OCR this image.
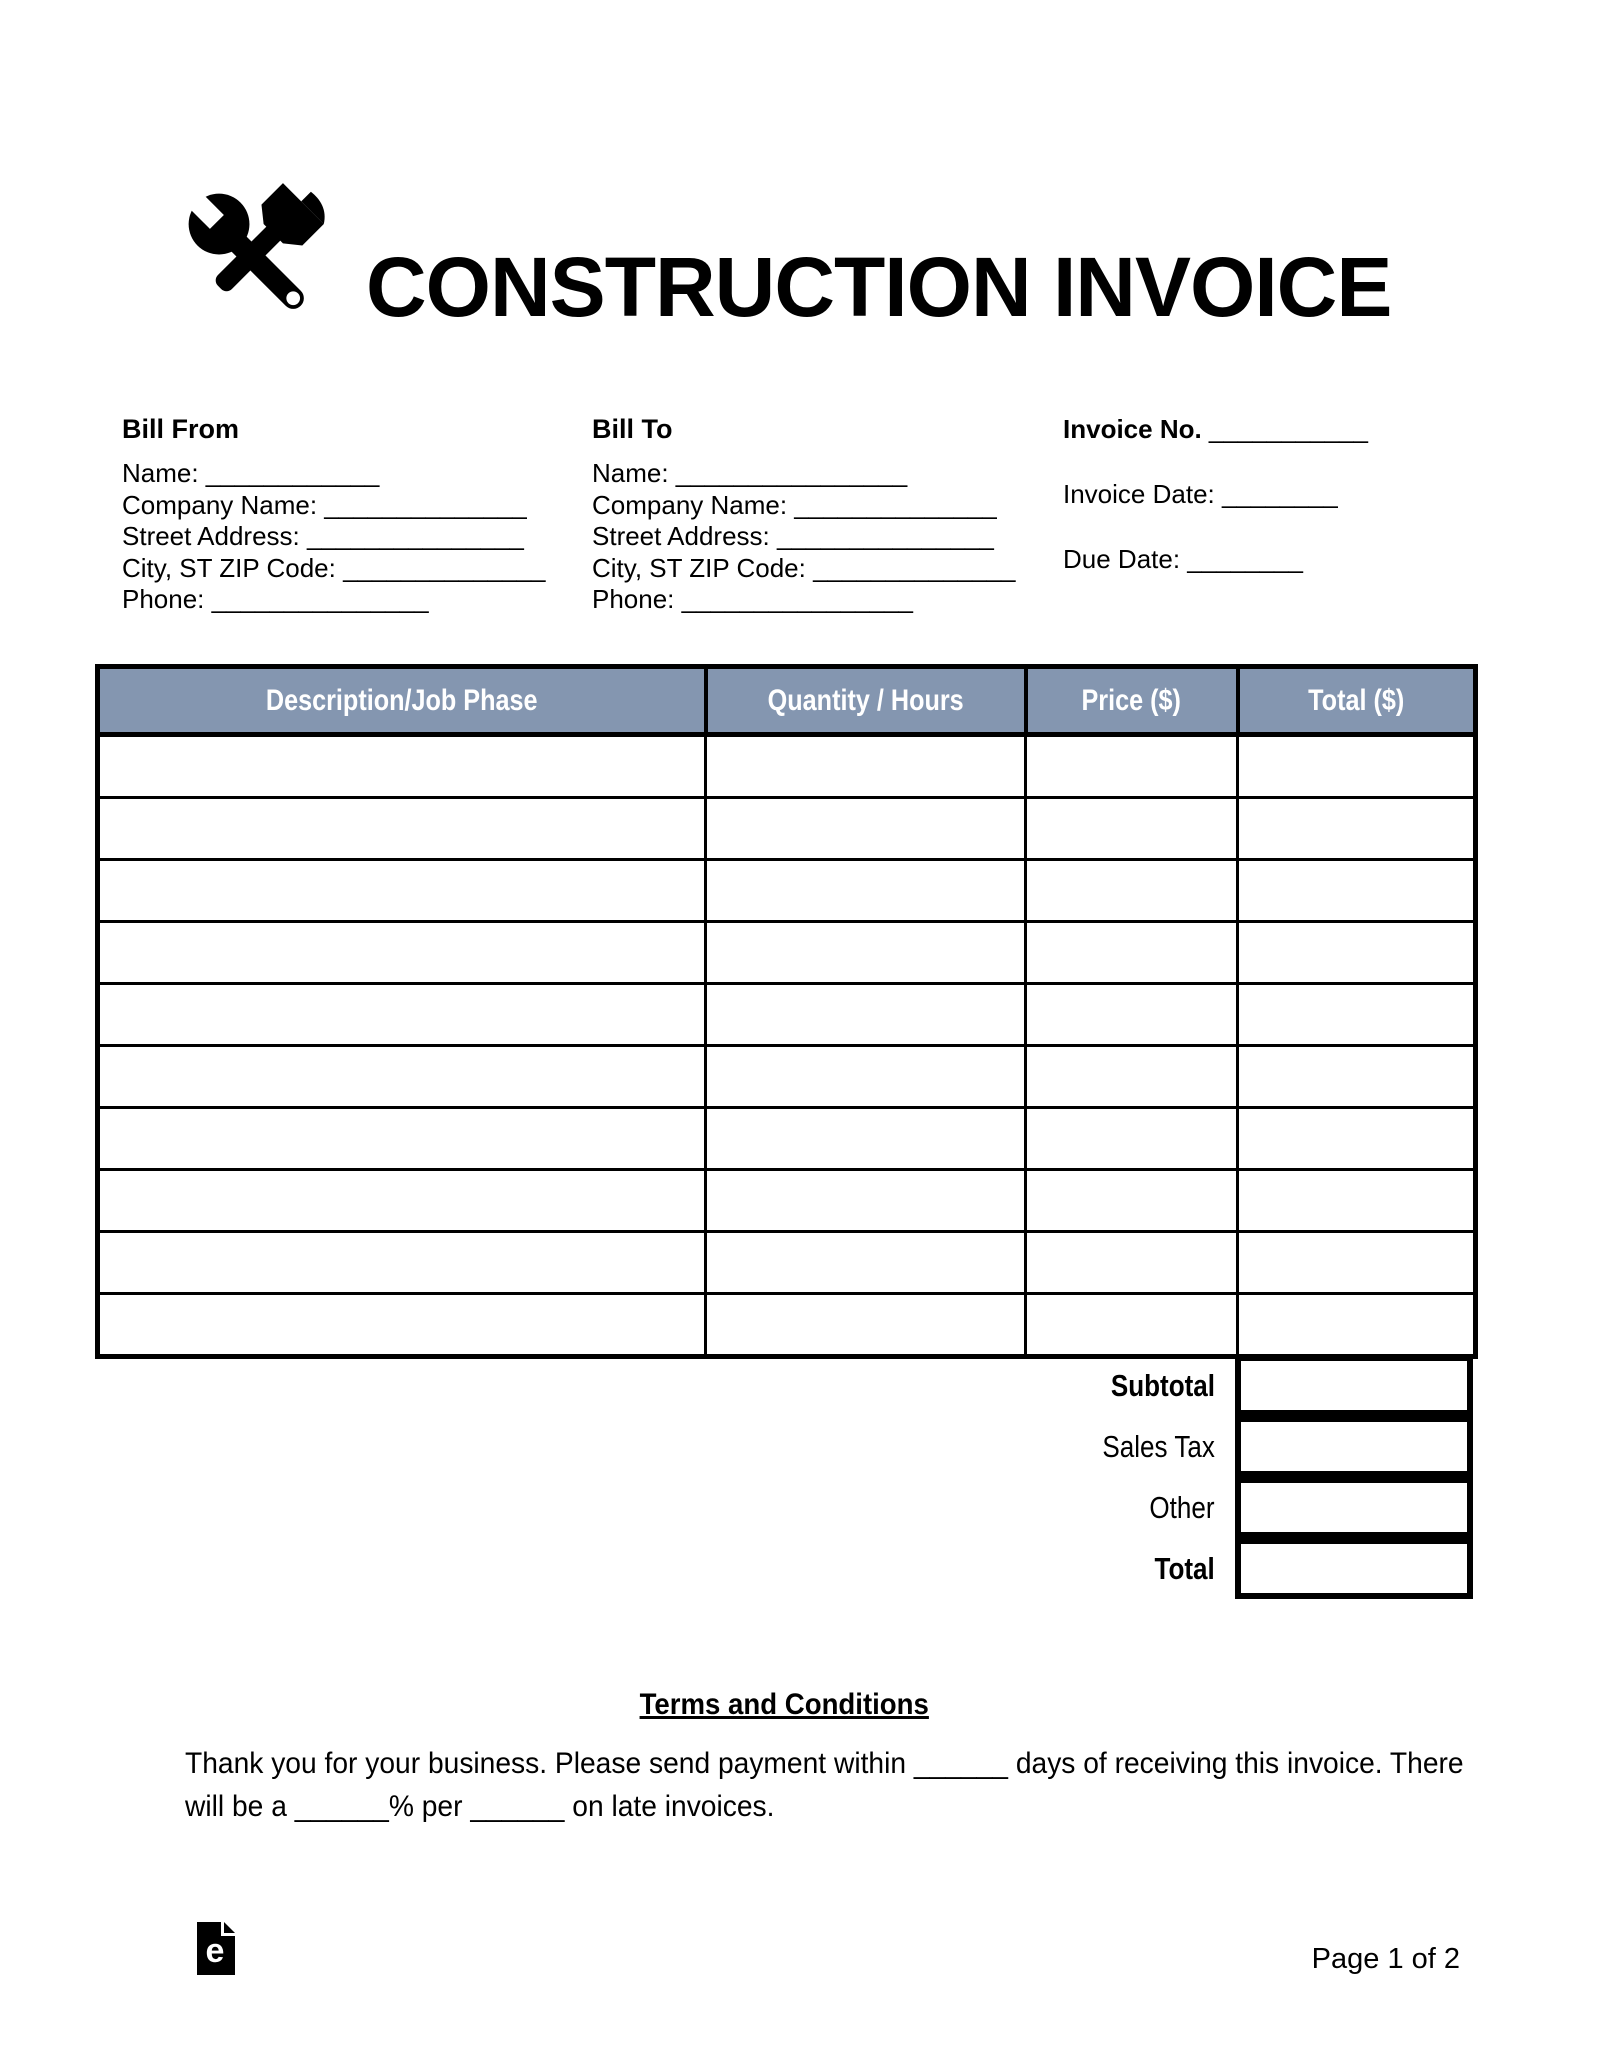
CONSTRUCTION INVOICE
Bill From
Name: ____________
Company Name: ______________
Street Address: _______________
City, ST ZIP Code: ______________
Phone: _______________
Bill To
Name: ________________
Company Name: ______________
Street Address: _______________
City, ST ZIP Code: ______________
Phone: ________________
Invoice No. ___________
Invoice Date: ________
Due Date: ________
Description/Job Phase	Quantity / Hours	Price ($)	Total ($)

Subtotal
Sales Tax
Other
Total
Terms and Conditions
Thank you for your business. Please send payment within ______ days of receiving this invoice. There will be a ______% per ______ on late invoices.
e	Page 1 of 2
